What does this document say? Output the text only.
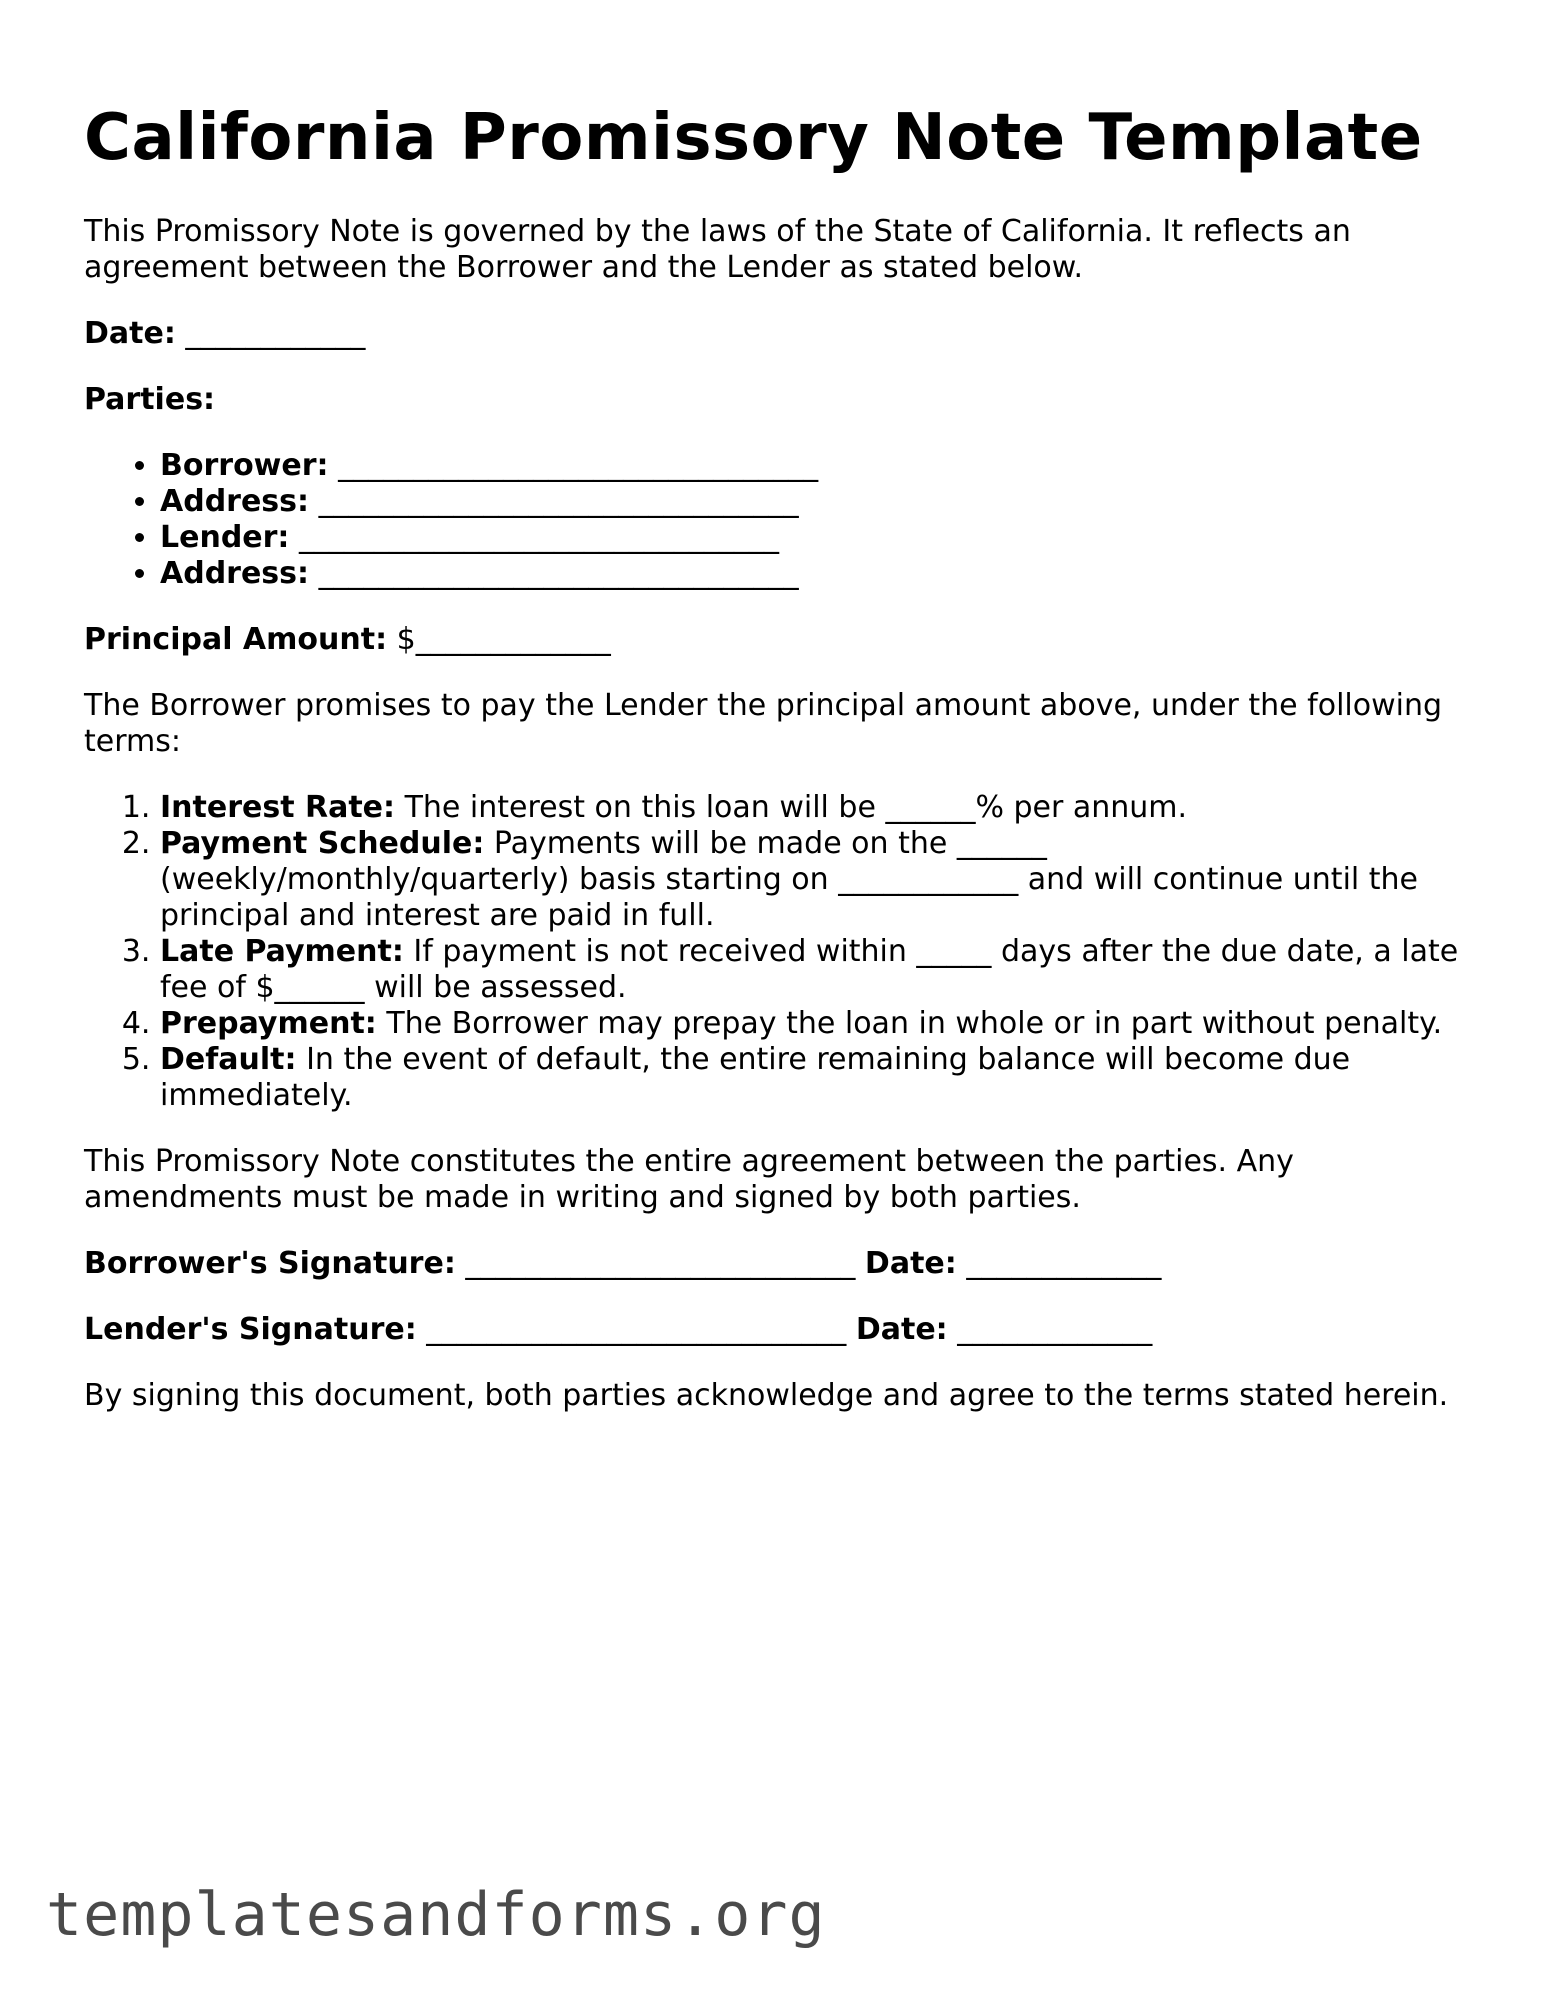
California Promissory Note Template

This Promissory Note is governed by the laws of the State of California. It reflects an agreement between the Borrower and the Lender as stated below.

Date: ____________

Parties:

• Borrower: ________________________________
• Address: ________________________________
• Lender: ________________________________
• Address: ________________________________

Principal Amount: $_____________

The Borrower promises to pay the Lender the principal amount above, under the following terms:

1. Interest Rate: The interest on this loan will be ______% per annum.
2. Payment Schedule: Payments will be made on the ______ (weekly/monthly/quarterly) basis starting on ____________ and will continue until the principal and interest are paid in full.
3. Late Payment: If payment is not received within _____ days after the due date, a late fee of $______ will be assessed.
4. Prepayment: The Borrower may prepay the loan in whole or in part without penalty.
5. Default: In the event of default, the entire remaining balance will become due immediately.

This Promissory Note constitutes the entire agreement between the parties. Any amendments must be made in writing and signed by both parties.

Borrower's Signature: __________________________ Date: _____________

Lender's Signature: ____________________________ Date: _____________

By signing this document, both parties acknowledge and agree to the terms stated herein.

templatesandforms.org
